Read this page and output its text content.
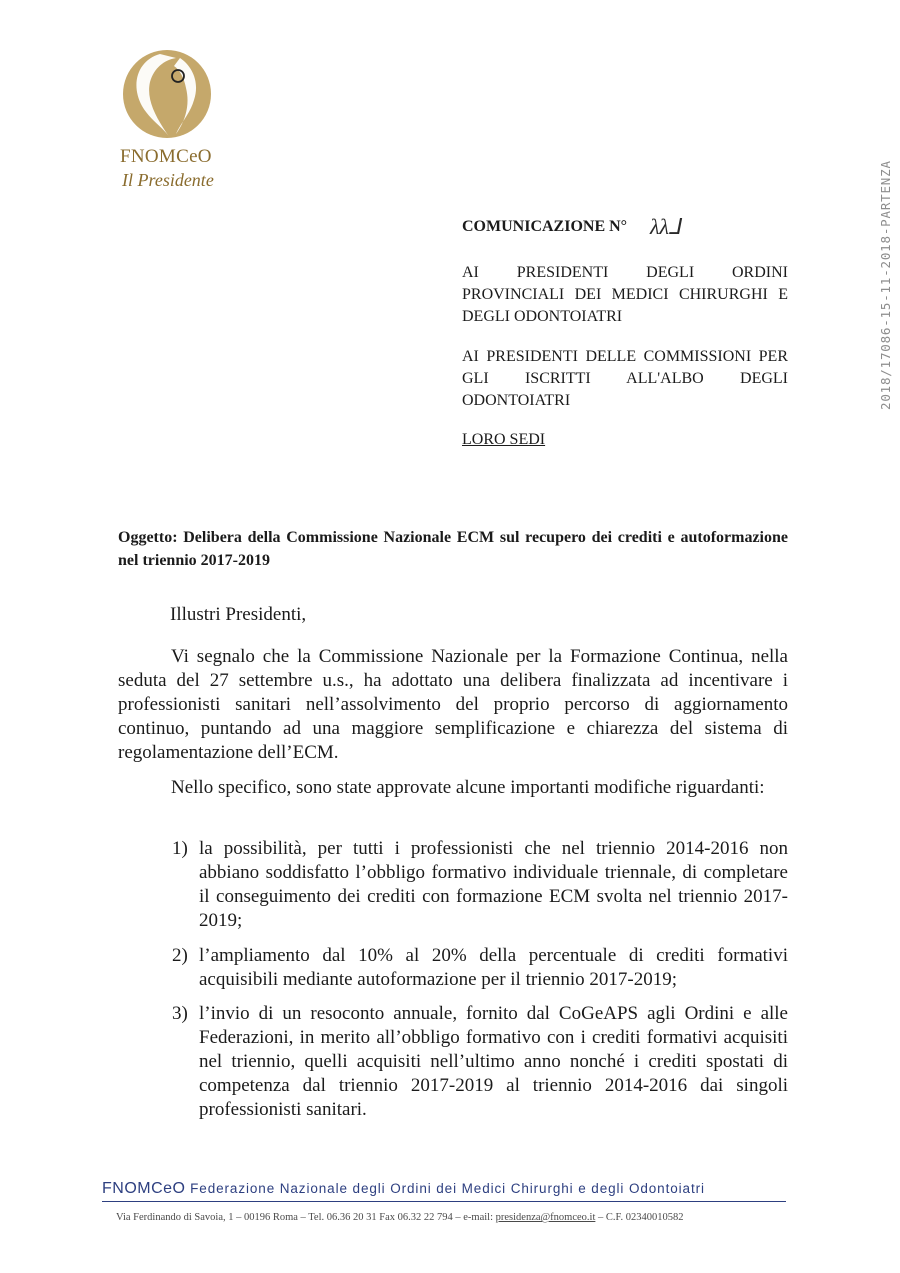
FNOMCeO
Il Presidente	2018/17086-15-11-2018-PARTENZA
COMUNICAZIONE N° λλ⅃
AI PRESIDENTI DEGLI ORDINI PROVINCIALI DEI MEDICI CHIRURGHI E DEGLI ODONTOIATRI
AI PRESIDENTI DELLE COMMISSIONI PER GLI ISCRITTI ALL'ALBO DEGLI ODONTOIATRI
LORO SEDI
Oggetto: Delibera della Commissione Nazionale ECM sul recupero dei crediti e autoformazione nel triennio 2017-2019
Illustri Presidenti,
Vi segnalo che la Commissione Nazionale per la Formazione Continua, nella seduta del 27 settembre u.s., ha adottato una delibera finalizzata ad incentivare i professionisti sanitari nell’assolvimento del proprio percorso di aggiornamento continuo, puntando ad una maggiore semplificazione e chiarezza del sistema di regolamentazione dell’ECM.
Nello specifico, sono state approvate alcune importanti modifiche riguardanti:
1) la possibilità, per tutti i professionisti che nel triennio 2014-2016 non abbiano soddisfatto l’obbligo formativo individuale triennale, di completare il conseguimento dei crediti con formazione ECM svolta nel triennio 2017-2019;
2) l’ampliamento dal 10% al 20% della percentuale di crediti formativi acquisibili mediante autoformazione per il triennio 2017-2019;
3) l’invio di un resoconto annuale, fornito dal CoGeAPS agli Ordini e alle Federazioni, in merito all’obbligo formativo con i crediti formativi acquisiti nel triennio, quelli acquisiti nell’ultimo anno nonché i crediti spostati di competenza dal triennio 2017-2019 al triennio 2014-2016 dai singoli professionisti sanitari.
FNOMCeO Federazione Nazionale degli Ordini dei Medici Chirurghi e degli Odontoiatri
Via Ferdinando di Savoia, 1 – 00196 Roma – Tel. 06.36 20 31 Fax 06.32 22 794 – e-mail: presidenza@fnomceo.it – C.F. 02340010582
